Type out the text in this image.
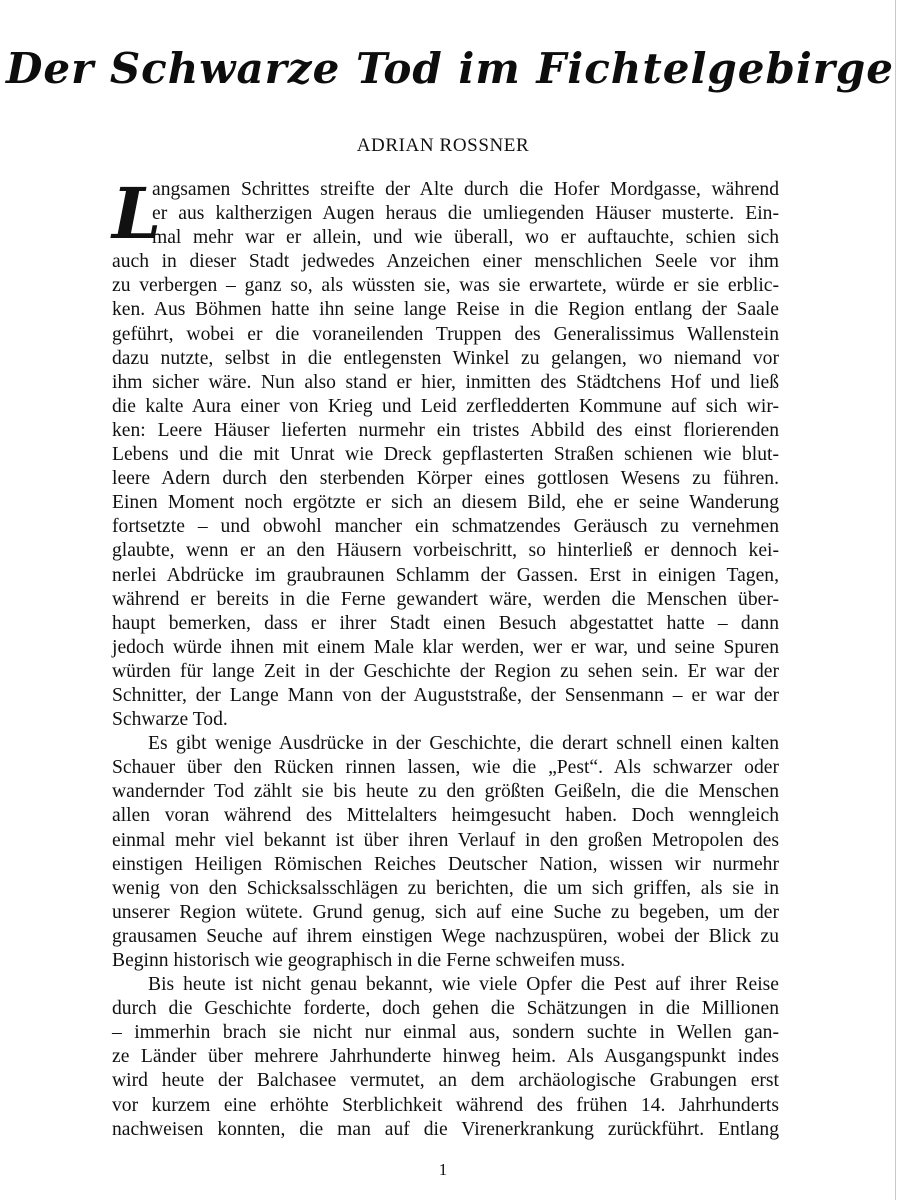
Der Schwarze Tod im Fichtelgebirge
ADRIAN ROSSNER
L
angsamen Schrittes streifte der Alte durch die Hofer Mordgasse, während
er aus kaltherzigen Augen heraus die umliegenden Häuser musterte. Ein-
mal mehr war er allein, und wie überall, wo er auftauchte, schien sich
auch in dieser Stadt jedwedes Anzeichen einer menschlichen Seele vor ihm
zu verbergen – ganz so, als wüssten sie, was sie erwartete, würde er sie erblic-
ken. Aus Böhmen hatte ihn seine lange Reise in die Region entlang der Saale
geführt, wobei er die voraneilenden Truppen des Generalissimus Wallenstein
dazu nutzte, selbst in die entlegensten Winkel zu gelangen, wo niemand vor
ihm sicher wäre. Nun also stand er hier, inmitten des Städtchens Hof und ließ
die kalte Aura einer von Krieg und Leid zerfledderten Kommune auf sich wir-
ken: Leere Häuser lieferten nurmehr ein tristes Abbild des einst florierenden
Lebens und die mit Unrat wie Dreck gepflasterten Straßen schienen wie blut-
leere Adern durch den sterbenden Körper eines gottlosen Wesens zu führen.
Einen Moment noch ergötzte er sich an diesem Bild, ehe er seine Wanderung
fortsetzte – und obwohl mancher ein schmatzendes Geräusch zu vernehmen
glaubte, wenn er an den Häusern vorbeischritt, so hinterließ er dennoch kei-
nerlei Abdrücke im graubraunen Schlamm der Gassen. Erst in einigen Tagen,
während er bereits in die Ferne gewandert wäre, werden die Menschen über-
haupt bemerken, dass er ihrer Stadt einen Besuch abgestattet hatte – dann
jedoch würde ihnen mit einem Male klar werden, wer er war, und seine Spuren
würden für lange Zeit in der Geschichte der Region zu sehen sein. Er war der
Schnitter, der Lange Mann von der Auguststraße, der Sensenmann – er war der
Schwarze Tod.
Es gibt wenige Ausdrücke in der Geschichte, die derart schnell einen kalten
Schauer über den Rücken rinnen lassen, wie die „Pest“. Als schwarzer oder
wandernder Tod zählt sie bis heute zu den größten Geißeln, die die Menschen
allen voran während des Mittelalters heimgesucht haben. Doch wenngleich
einmal mehr viel bekannt ist über ihren Verlauf in den großen Metropolen des
einstigen Heiligen Römischen Reiches Deutscher Nation, wissen wir nurmehr
wenig von den Schicksalsschlägen zu berichten, die um sich griffen, als sie in
unserer Region wütete. Grund genug, sich auf eine Suche zu begeben, um der
grausamen Seuche auf ihrem einstigen Wege nachzuspüren, wobei der Blick zu
Beginn historisch wie geographisch in die Ferne schweifen muss.
Bis heute ist nicht genau bekannt, wie viele Opfer die Pest auf ihrer Reise
durch die Geschichte forderte, doch gehen die Schätzungen in die Millionen
– immerhin brach sie nicht nur einmal aus, sondern suchte in Wellen gan-
ze Länder über mehrere Jahrhunderte hinweg heim. Als Ausgangspunkt indes
wird heute der Balchasee vermutet, an dem archäologische Grabungen erst
vor kurzem eine erhöhte Sterblichkeit während des frühen 14. Jahrhunderts
nachweisen konnten, die man auf die Virenerkrankung zurückführt. Entlang
1
